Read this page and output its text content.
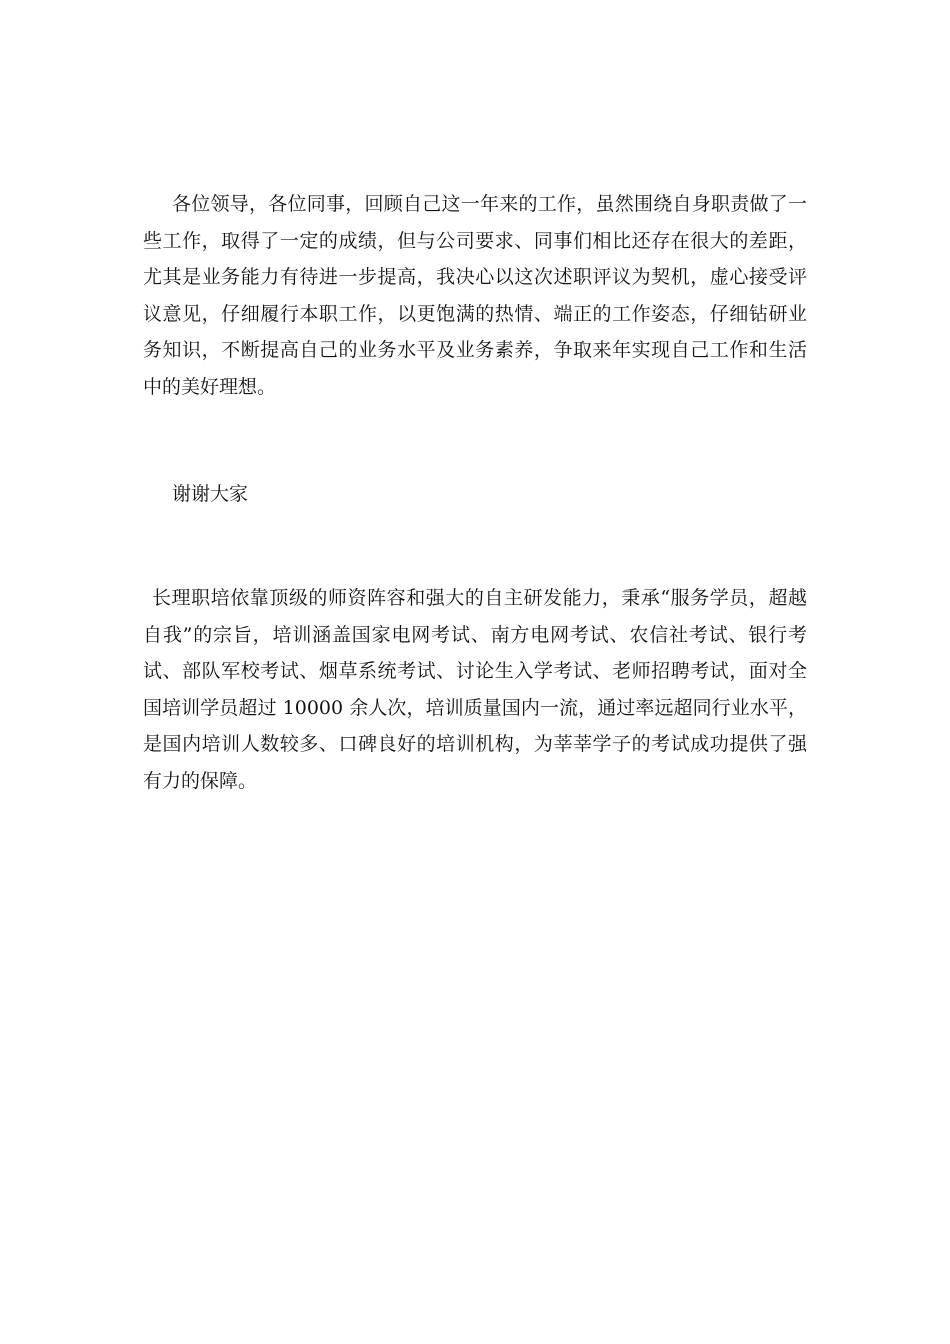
各位领导，各位同事，回顾自己这一年来的工作，虽然围绕自身职责做了一些工作，取得了一定的成绩，但与公司要求、同事们相比还存在很大的差距，尤其是业务能力有待进一步提高，我决心以这次述职评议为契机，虚心接受评议意见，仔细履行本职工作，以更饱满的热情、端正的工作姿态，仔细钻研业务知识，不断提高自己的业务水平及业务素养，争取来年实现自己工作和生活中的美好理想。

谢谢大家

长理职培依靠顶级的师资阵容和强大的自主研发能力，秉承“服务学员，超越自我”的宗旨，培训涵盖国家电网考试、南方电网考试、农信社考试、银行考试、部队军校考试、烟草系统考试、讨论生入学考试、老师招聘考试，面对全国培训学员超过 10000 余人次，培训质量国内一流，通过率远超同行业水平，是国内培训人数较多、口碑良好的培训机构，为莘莘学子的考试成功提供了强有力的保障。
